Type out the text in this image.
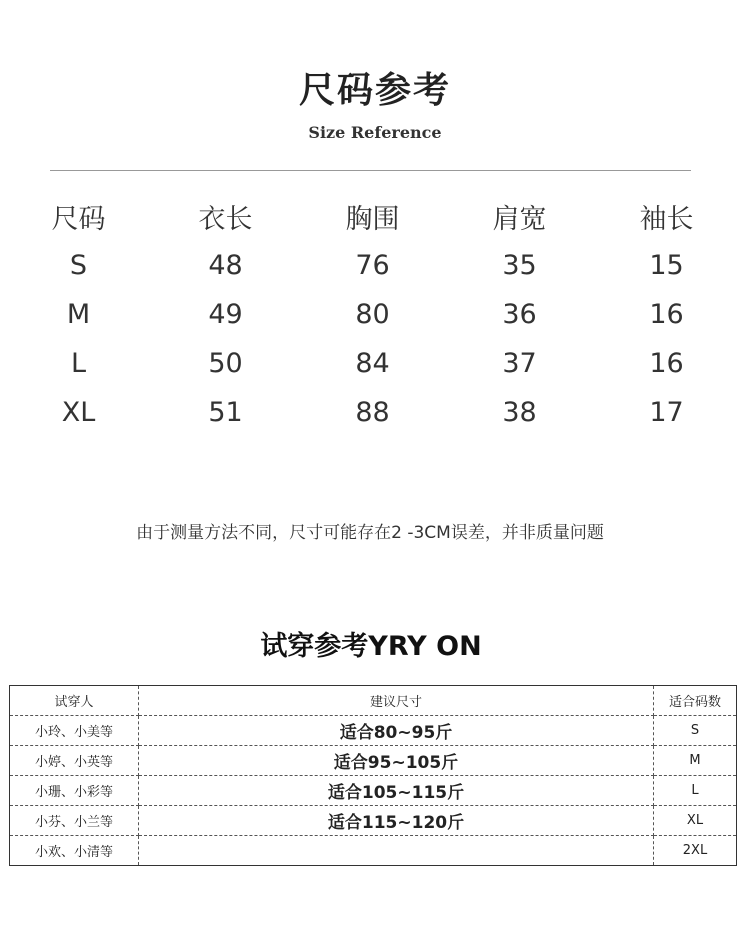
尺码参考
Size Reference
尺码	衣长	胸围	肩宽	袖长
S	48	76	35	15
M	49	80	36	16
L	50	84	37	16
XL	51	88	38	17
由于测量方法不同，尺寸可能存在2 -3CM误差，并非质量问题
试穿参考YRY ON
试穿人	建议尺寸	适合码数
小玲、小美等	适合80~95斤	S
小婷、小英等	适合95~105斤	M
小珊、小彩等	适合105~115斤	L
小芬、小兰等	适合115~120斤	XL
小欢、小清等		2XL
